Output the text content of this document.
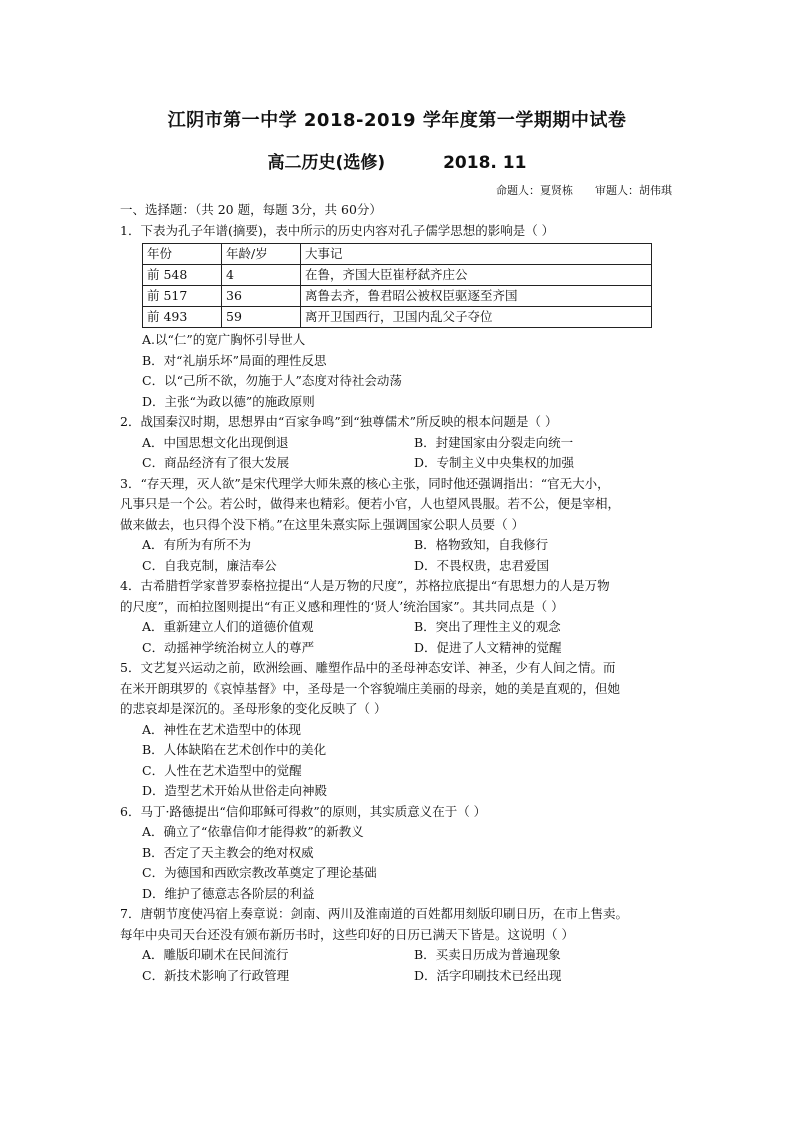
江阴市第一中学 2018-2019 学年度第一学期期中试卷
高二历史(选修)	2018. 11
命题人：夏贤栋 审题人：胡伟琪
一、选择题：（共 20 题，每题 3分，共 60分）
1．下表为孔子年谱(摘要)，表中所示的历史内容对孔子儒学思想的影响是（ ）
年份	年龄/岁	大事记
前 548	4	在鲁，齐国大臣崔杼弑齐庄公
前 517	36	离鲁去齐，鲁君昭公被权臣驱逐至齐国
前 493	59	离开卫国西行，卫国内乱父子夺位
A.以“仁”的宽广胸怀引导世人
B．对“礼崩乐坏”局面的理性反思
C．以“己所不欲，勿施于人”态度对待社会动荡
D．主张“为政以德”的施政原则
2．战国秦汉时期，思想界由“百家争鸣”到“独尊儒术”所反映的根本问题是（ ）
A．中国思想文化出现倒退	B．封建国家由分裂走向统一
C．商品经济有了很大发展	D．专制主义中央集权的加强
3．“存天理，灭人欲”是宋代理学大师朱熹的核心主张，同时他还强调指出：“官无大小，
凡事只是一个公。若公时，做得来也精彩。便若小官，人也望风畏服。若不公，便是宰相，
做来做去，也只得个没下梢。”在这里朱熹实际上强调国家公职人员要（ ）
A．有所为有所不为	B．格物致知，自我修行
C．自我克制，廉洁奉公	D．不畏权贵，忠君爱国
4．古希腊哲学家普罗泰格拉提出“人是万物的尺度”，苏格拉底提出“有思想力的人是万物
的尺度”，而柏拉图则提出“有正义感和理性的‘贤人’统治国家”。其共同点是（ ）
A．重新建立人们的道德价值观	B．突出了理性主义的观念
C．动摇神学统治树立人的尊严	D．促进了人文精神的觉醒
5．文艺复兴运动之前，欧洲绘画、雕塑作品中的圣母神态安详、神圣，少有人间之情。而
在米开朗琪罗的《哀悼基督》中，圣母是一个容貌端庄美丽的母亲，她的美是直观的，但她
的悲哀却是深沉的。圣母形象的变化反映了（ ）
A．神性在艺术造型中的体现
B．人体缺陷在艺术创作中的美化
C．人性在艺术造型中的觉醒
D．造型艺术开始从世俗走向神殿
6．马丁·路德提出“信仰耶稣可得救”的原则，其实质意义在于（ ）
A．确立了“依靠信仰才能得救”的新教义
B．否定了天主教会的绝对权威
C．为德国和西欧宗教改革奠定了理论基础
D．维护了德意志各阶层的利益
7．唐朝节度使冯宿上奏章说：剑南、两川及淮南道的百姓都用刻版印刷日历，在市上售卖。
每年中央司天台还没有颁布新历书时，这些印好的日历已满天下皆是。这说明（ ）
A．雕版印刷术在民间流行	B．买卖日历成为普遍现象
C．新技术影响了行政管理	D．活字印刷技术已经出现
